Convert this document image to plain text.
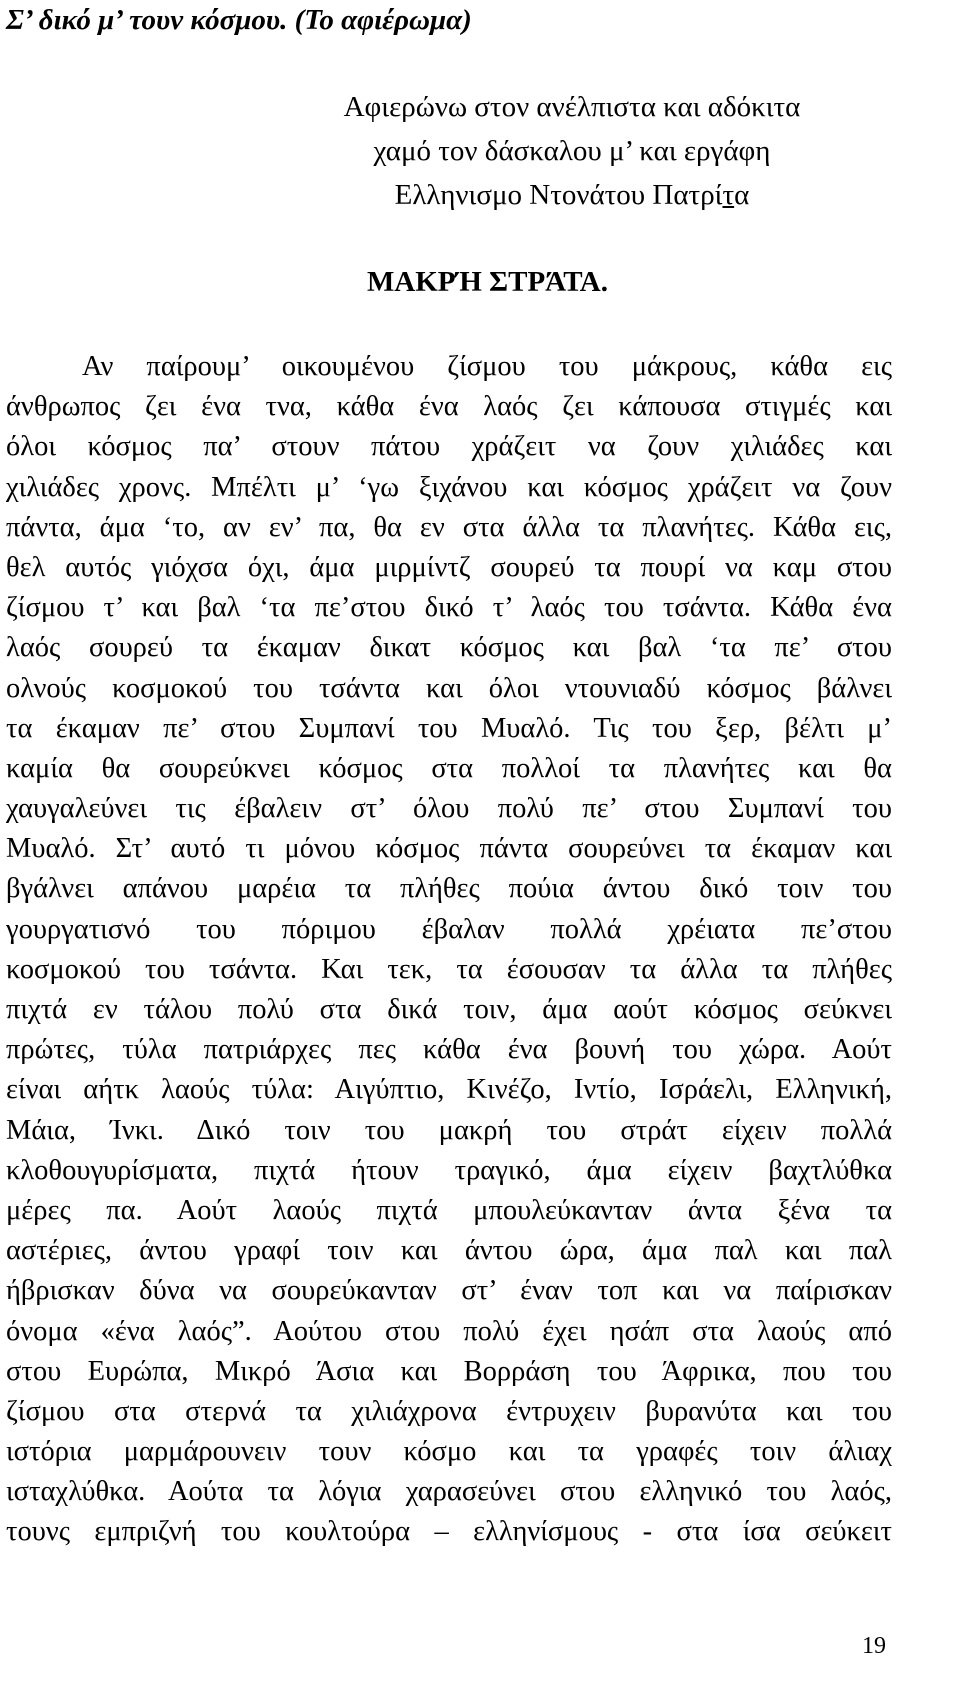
Σ’ δικό μ’ τουν κόσμου. (Το αφιέρωμα)
Αφιερώνω στον ανέλπιστα και αδόκιτα
χαμό τον δάσκαλου μ’ και εργάφη
Ελληνισμο Ντονάτου Πατρίτα
ΜΑΚΡΉ ΣΤΡΆΤΑ.
Αν παίρουμ’ οικουμένου ζίσμου του μάκρους, κάθα εις
άνθρωπος ζει ένα τνα, κάθα ένα λαός ζει κάπουσα στιγμές και
όλοι κόσμος πα’ στουν πάτου χράζειτ να ζουν χιλιάδες και
χιλιάδες χρονς. Μπέλτι μ’ ‘γω ξιχάνου και κόσμος χράζειτ να ζουν
πάντα, άμα ‘το, αν εν’ πα, θα εν στα άλλα τα πλανήτες. Κάθα εις,
θελ αυτός γιόχσα όχι, άμα μιρμίντζ σουρεύ τα πουρί να καμ στου
ζίσμου τ’ και βαλ ‘τα πε’στου δικό τ’ λαός του τσάντα. Κάθα ένα
λαός σουρεύ τα έκαμαν δικατ κόσμος και βαλ ‘τα πε’ στου
ολνούς κοσμοκού του τσάντα και όλοι ντουνιαδύ κόσμος βάλνει
τα έκαμαν πε’ στου Συμπανί του Μυαλό. Τις του ξερ, βέλτι μ’
καμία θα σουρεύκνει κόσμος στα πολλοί τα πλανήτες και θα
χαυγαλεύνει τις έβαλειν στ’ όλου πολύ πε’ στου Συμπανί του
Μυαλό. Στ’ αυτό τι μόνου κόσμος πάντα σουρεύνει τα έκαμαν και
βγάλνει απάνου μαρέια τα πλήθες πούια άντου δικό τοιν του
γουργατισνό του πόριμου έβαλαν πολλά χρέιατα πε’στου
κοσμοκού του τσάντα. Και τεκ, τα έσουσαν τα άλλα τα πλήθες
πιχτά εν τάλου πολύ στα δικά τοιν, άμα αούτ κόσμος σεύκνει
πρώτες, τύλα πατριάρχες πες κάθα ένα βουνή του χώρα. Αούτ
είναι αήτκ λαούς τύλα: Αιγύπτιο, Κινέζο, Ιντίο, Ισράελι, Ελληνική,
Μάια, Ίνκι. Δικό τοιν του μακρή του στράτ είχειν πολλά
κλοθουγυρίσματα, πιχτά ήτουν τραγικό, άμα είχειν βαχτλύθκα
μέρες πα. Αούτ λαούς πιχτά μπουλεύκανταν άντα ξένα τα
αστέριες, άντου γραφί τοιν και άντου ώρα, άμα παλ και παλ
ήβρισκαν δύνα να σουρεύκανταν στ’ έναν τοπ και να παίρισκαν
όνομα «ένα λαός”. Αούτου στου πολύ έχει ησάπ στα λαούς από
στου Ευρώπα, Μικρό Άσια και Βορράση του Άφρικα, που του
ζίσμου στα στερνά τα χιλιάχρονα έντρυχειν βυρανύτα και του
ιστόρια μαρμάρουνειν τουν κόσμο και τα γραφές τοιν άλιαχ
ισταχλύθκα. Αούτα τα λόγια χαρασεύνει στου ελληνικό του λαός,
τουνς εμπριζνή του κουλτούρα – ελληνίσμους - στα ίσα σεύκειτ
19
